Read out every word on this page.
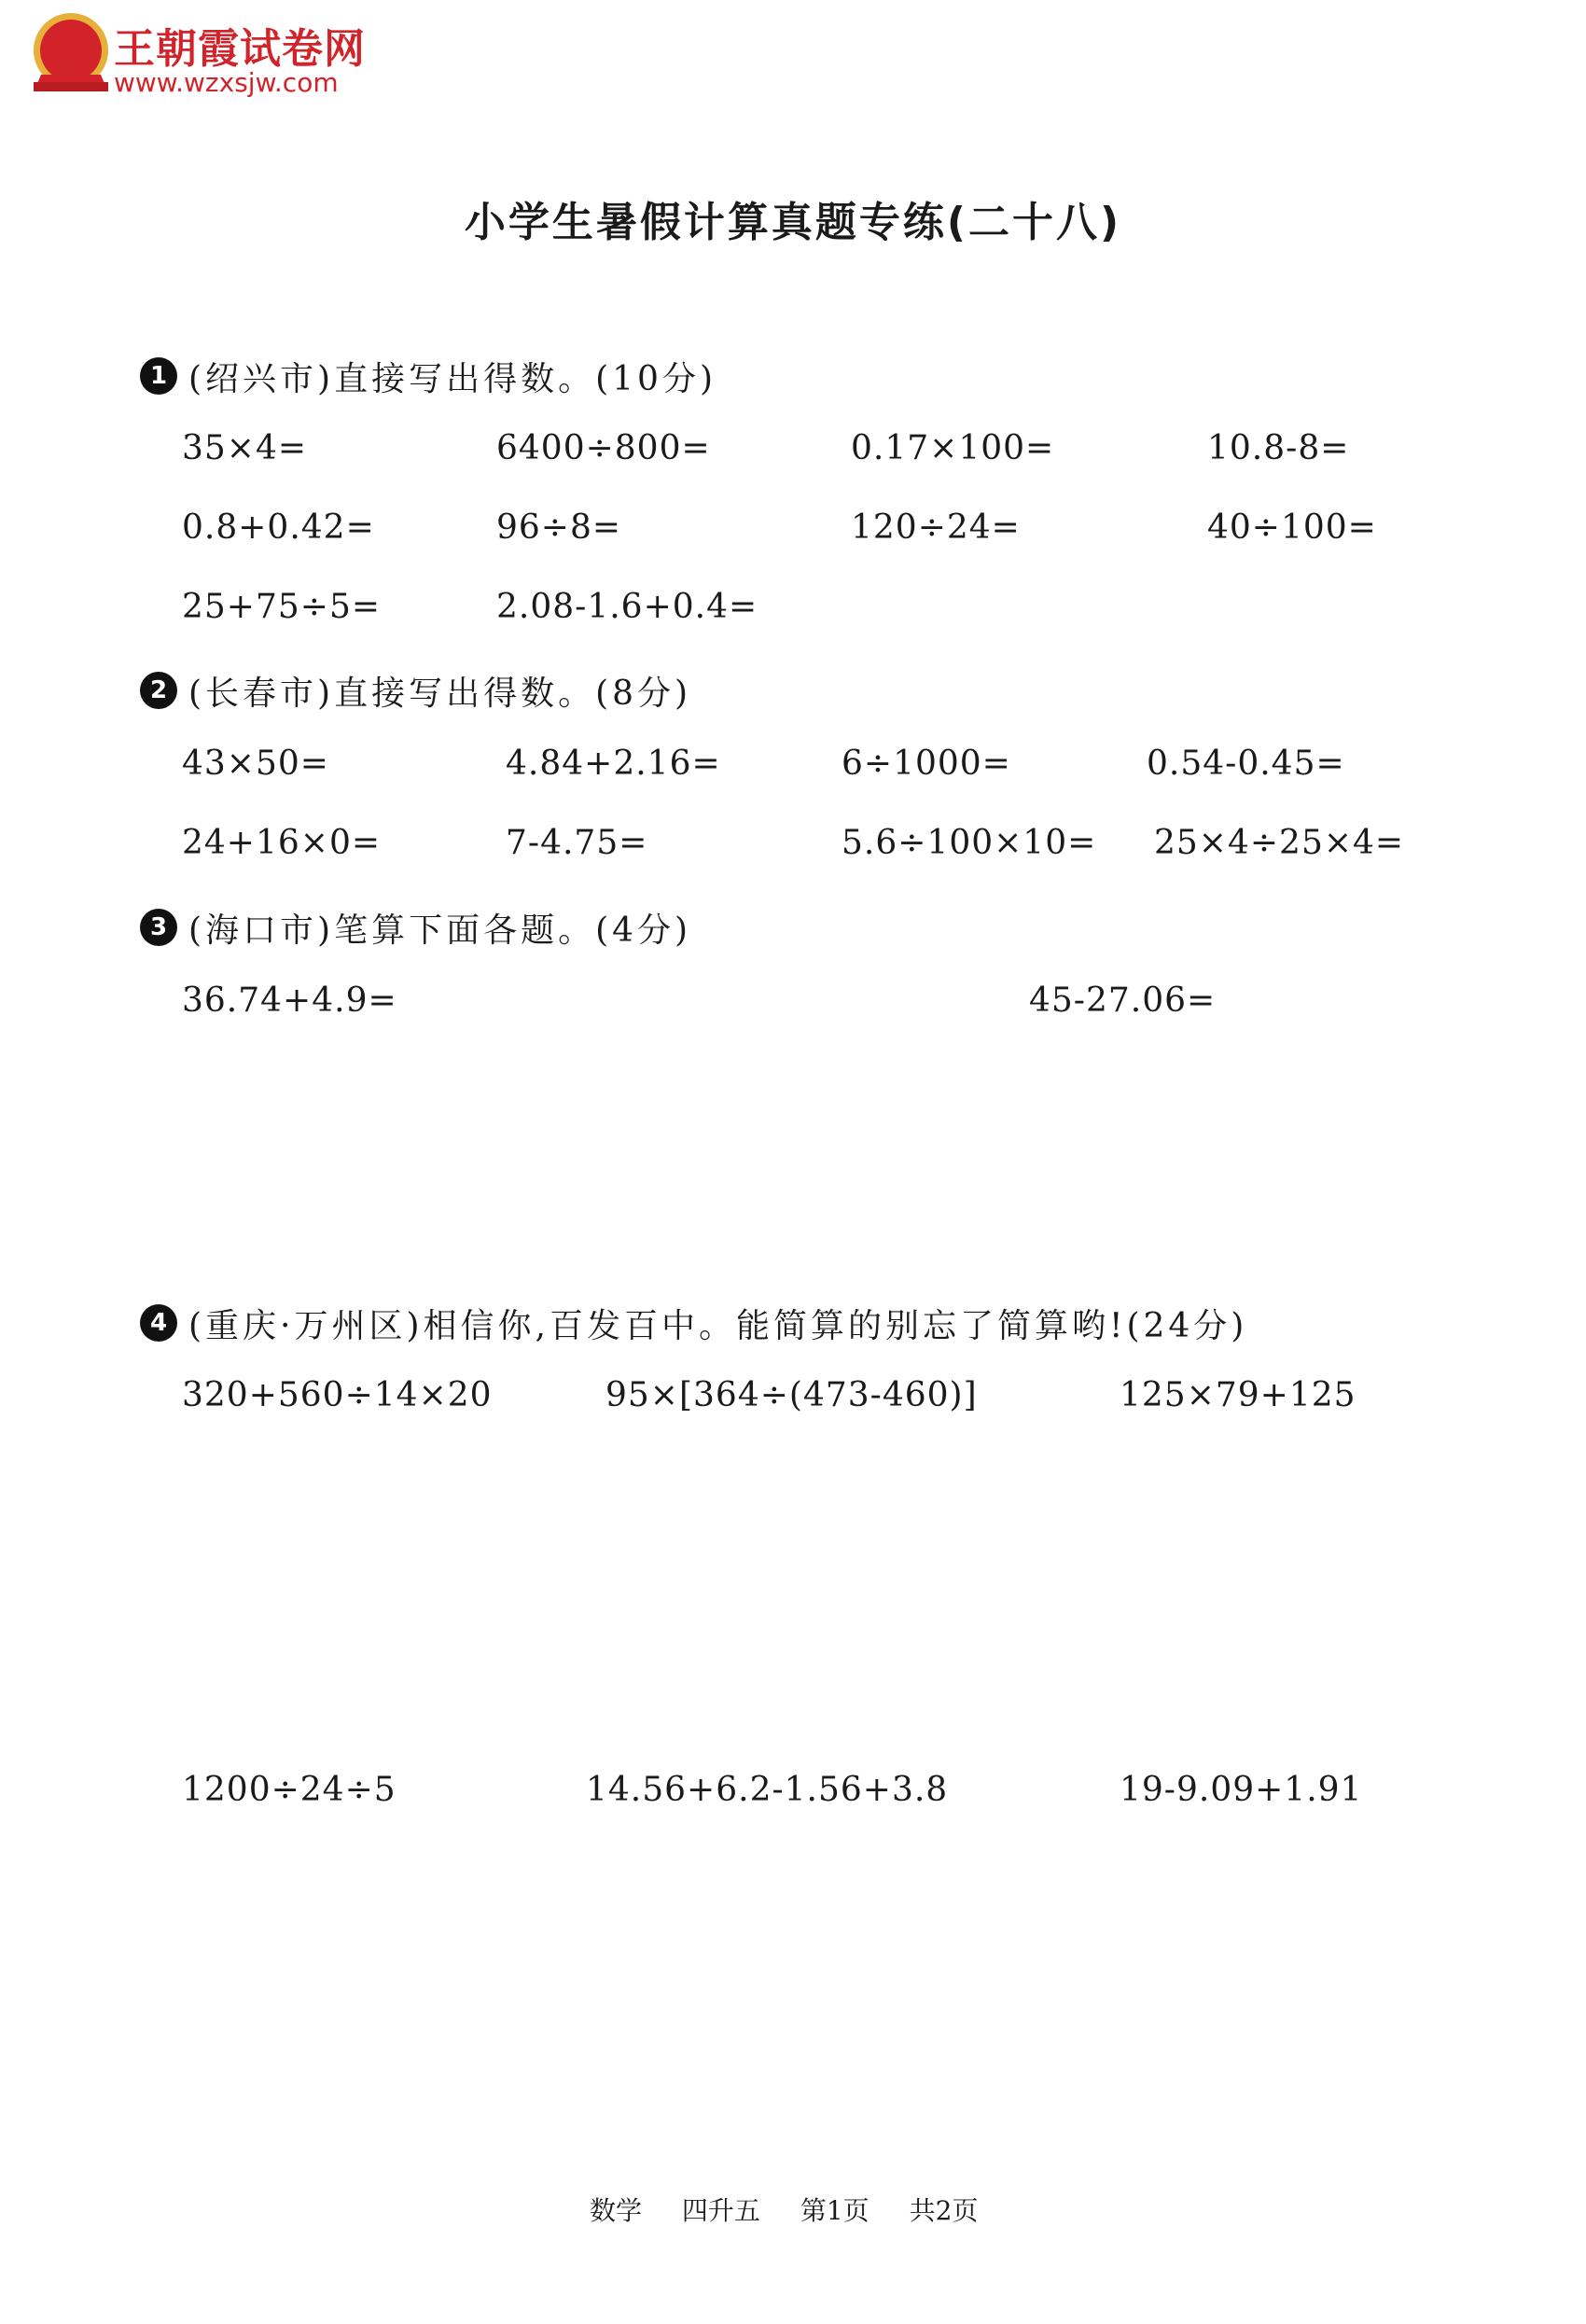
王朝霞试卷网
www.wzxsjw.com
小学生暑假计算真题专练(二十八)
1 (绍兴市)直接写出得数。(10分)
35×4=	6400÷800=	0.17×100=	10.8-8=
0.8+0.42=	96÷8=	120÷24=	40÷100=
25+75÷5=	2.08-1.6+0.4=
2 (长春市)直接写出得数。(8分)
43×50=	4.84+2.16=	6÷1000=	0.54-0.45=
24+16×0=	7-4.75=	5.6÷100×10= 25×4÷25×4=
3 (海口市)笔算下面各题。(4分)
36.74+4.9=	45-27.06=
4 (重庆·万州区)相信你,百发百中。能简算的别忘了简算哟!(24分)
320+560÷14×20	95×[364÷(473-460)]	125×79+125
1200÷24÷5	14.56+6.2-1.56+3.8	19-9.09+1.91
数学 四升五 第1页 共2页
